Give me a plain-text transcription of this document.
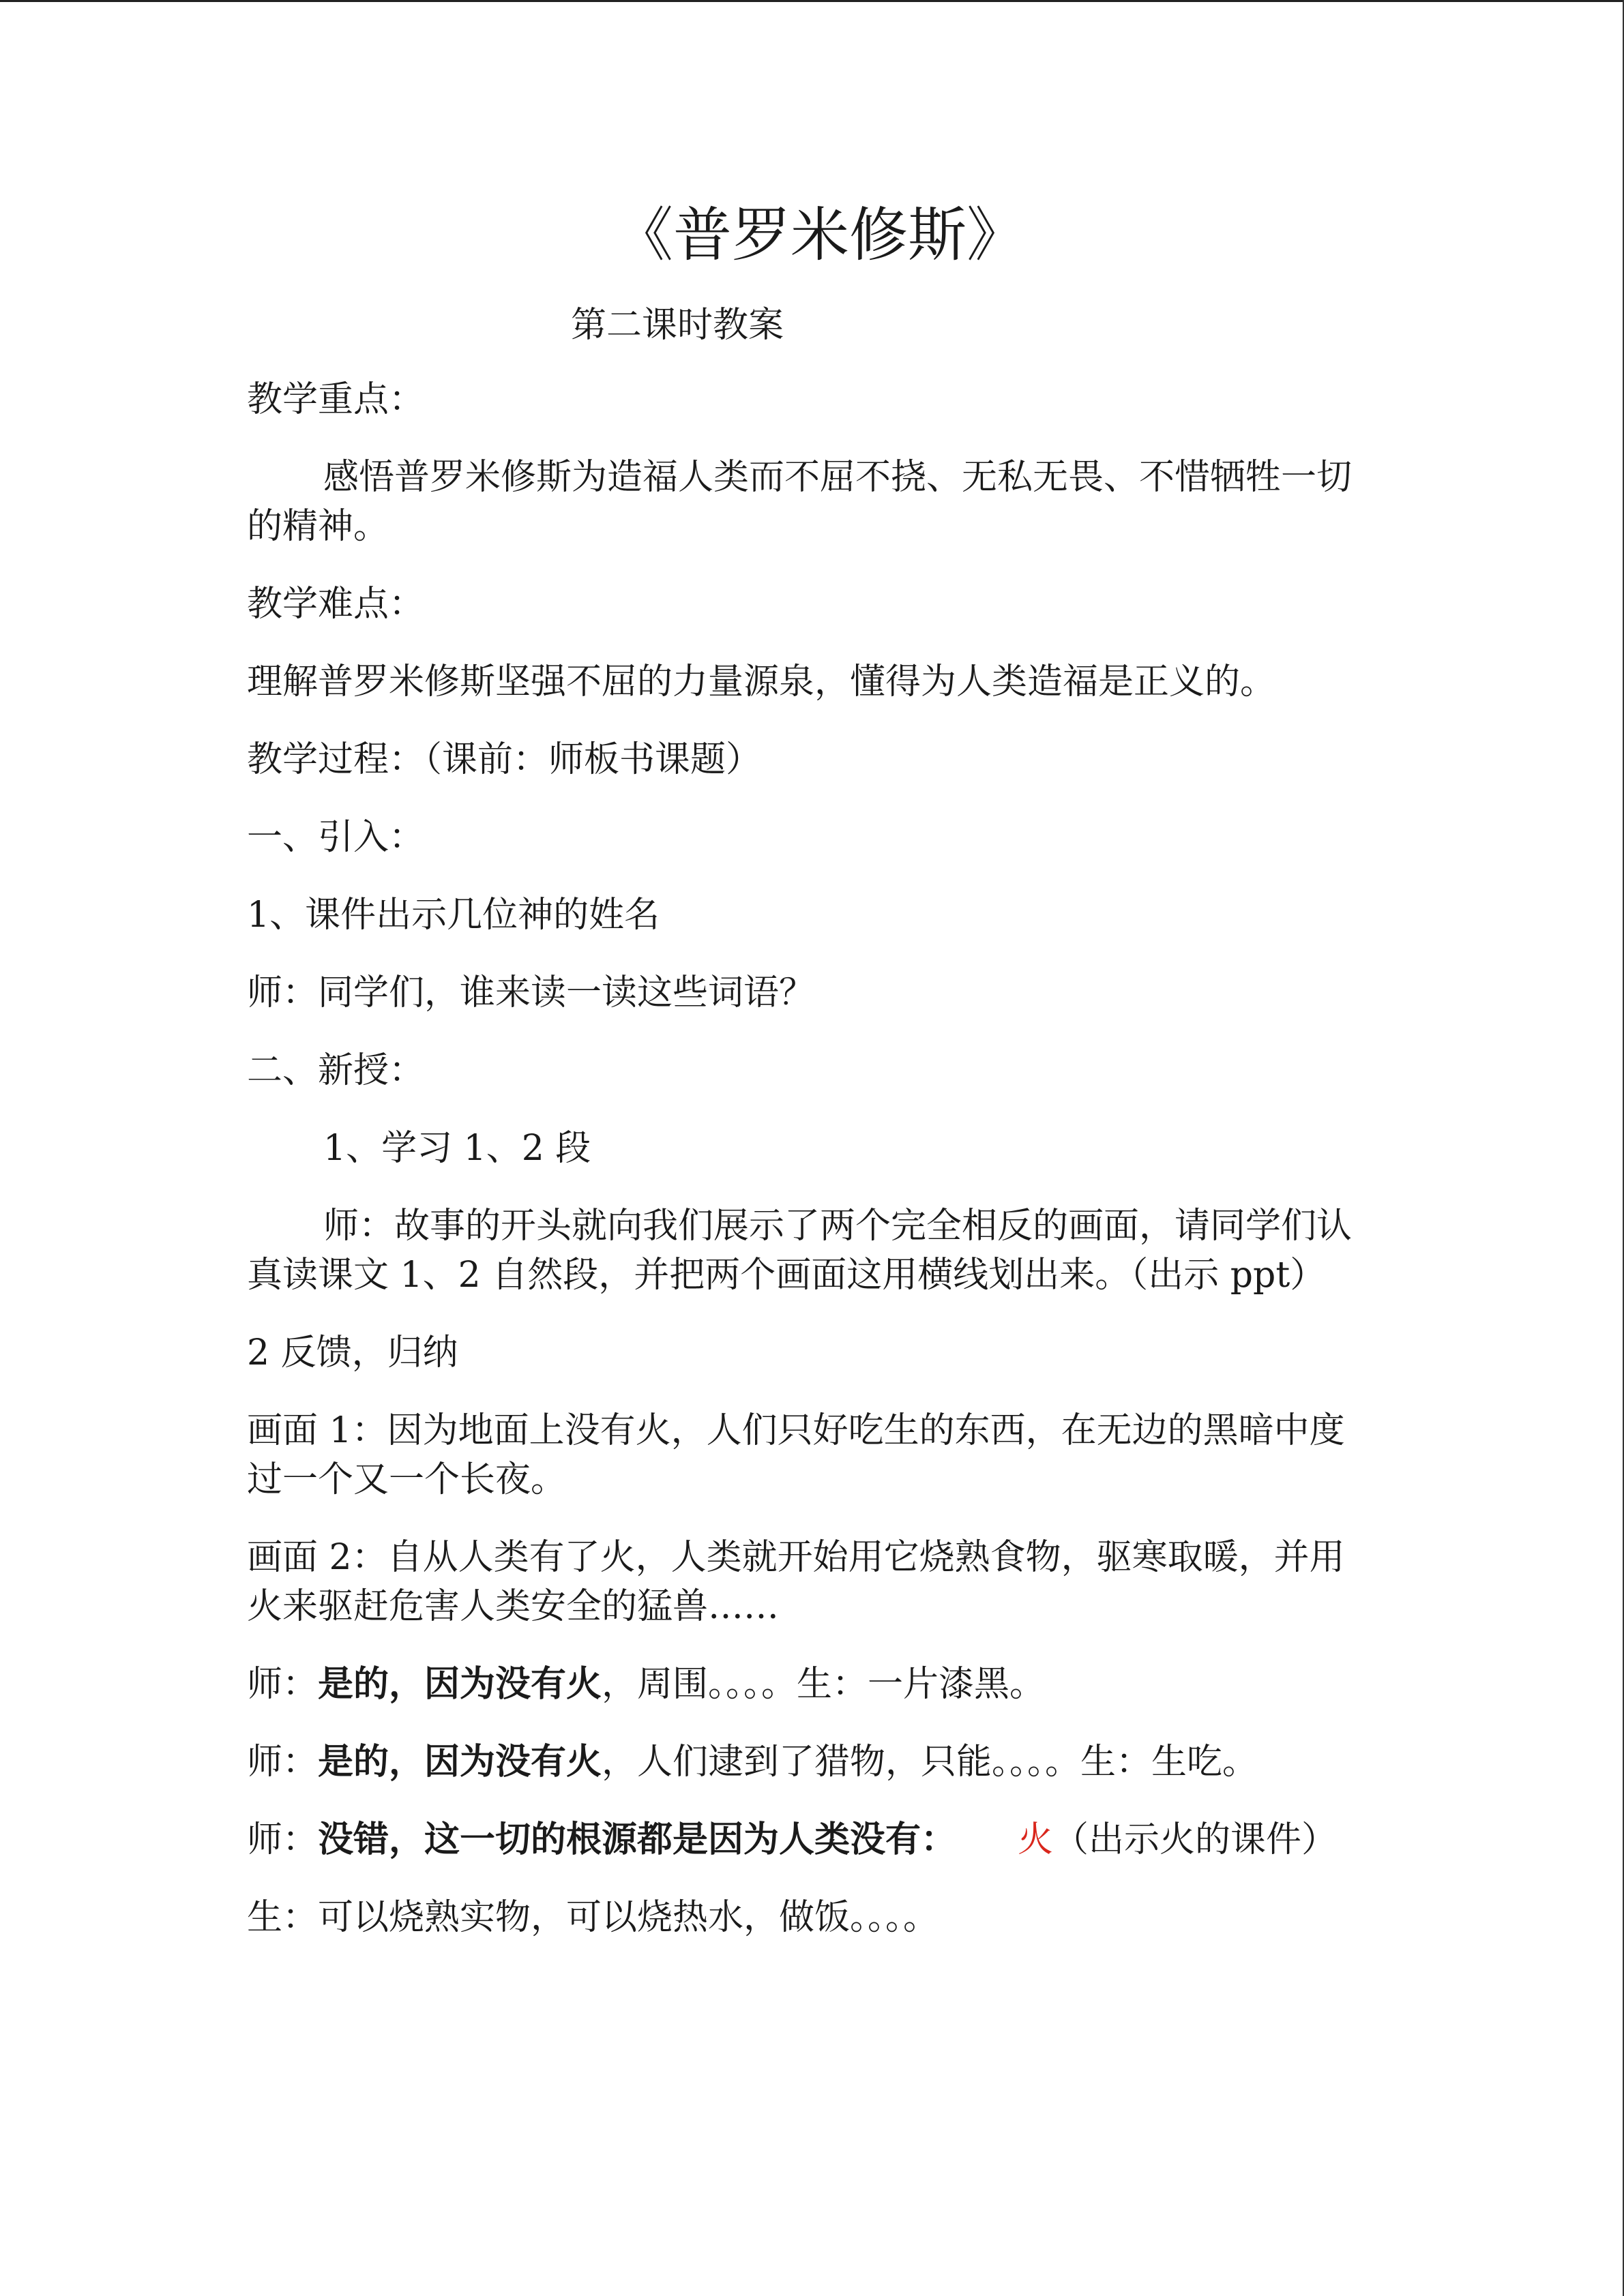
《普罗米修斯》
第二课时教案

教学重点：

感悟普罗米修斯为造福人类而不屈不挠、无私无畏、不惜牺牲一切的精神。

教学难点：

理解普罗米修斯坚强不屈的力量源泉，懂得为人类造福是正义的。

教学过程：（课前：师板书课题）

一、引入：

1、课件出示几位神的姓名

师：同学们，谁来读一读这些词语？

二、新授：

1、学习 1、2 段

师：故事的开头就向我们展示了两个完全相反的画面，请同学们认真读课文 1、2 自然段，并把两个画面这用横线划出来。（出示 ppt）

2 反馈，归纳

画面 1：因为地面上没有火，人们只好吃生的东西，在无边的黑暗中度过一个又一个长夜。

画面 2：自从人类有了火，人类就开始用它烧熟食物，驱寒取暖，并用火来驱赶危害人类安全的猛兽……

师：是的，因为没有火，周围。。。。生：一片漆黑。

师：是的，因为没有火，人们逮到了猎物，只能。。。。生：生吃。

师：没错，这一切的根源都是因为人类没有： 火（出示火的课件）

生：可以烧熟实物，可以烧热水，做饭。。。。
